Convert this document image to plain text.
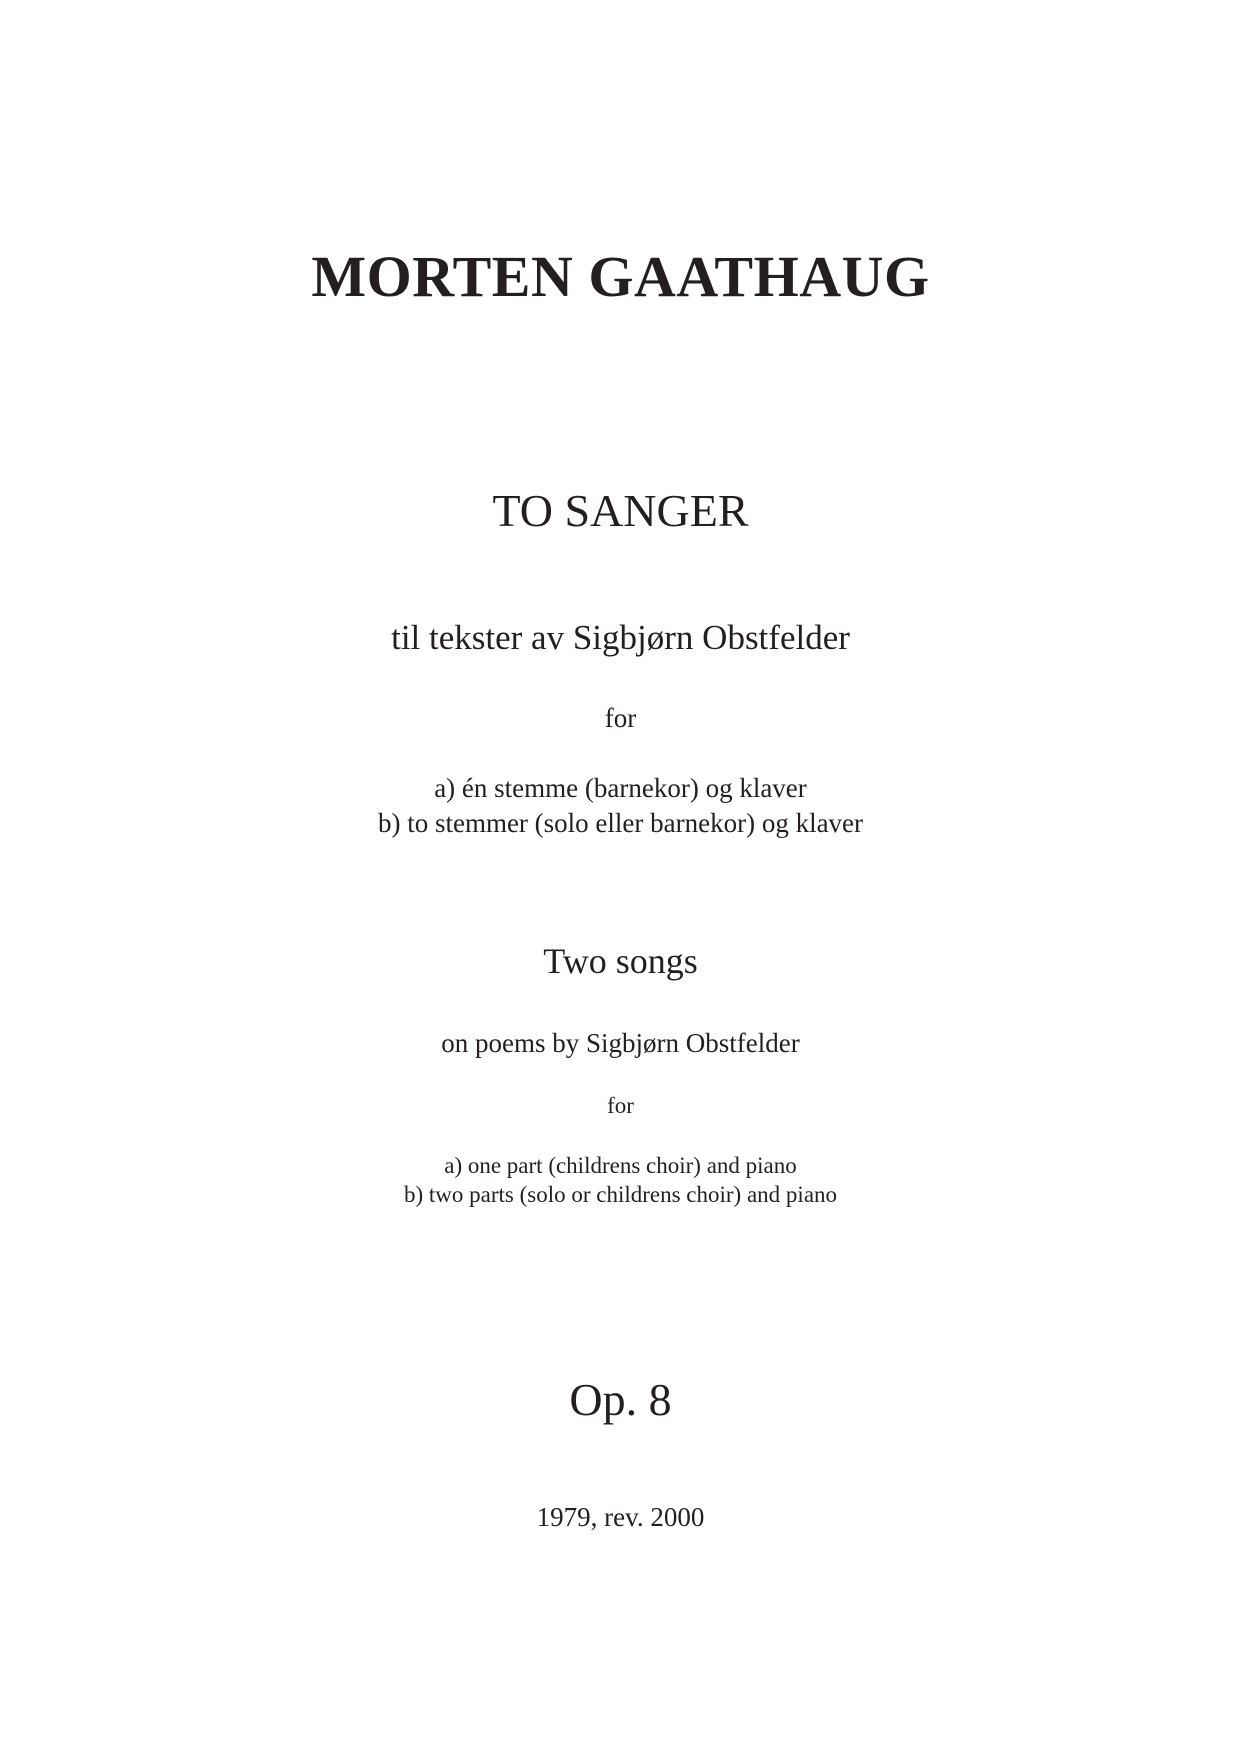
MORTEN GAATHAUG
TO SANGER
til tekster av Sigbjørn Obstfelder
for
a) én stemme (barnekor) og klaver
b) to stemmer (solo eller barnekor) og klaver
Two songs
on poems by Sigbjørn Obstfelder
for
a) one part (childrens choir) and piano
b) two parts (solo or childrens choir) and piano
Op. 8
1979, rev. 2000
